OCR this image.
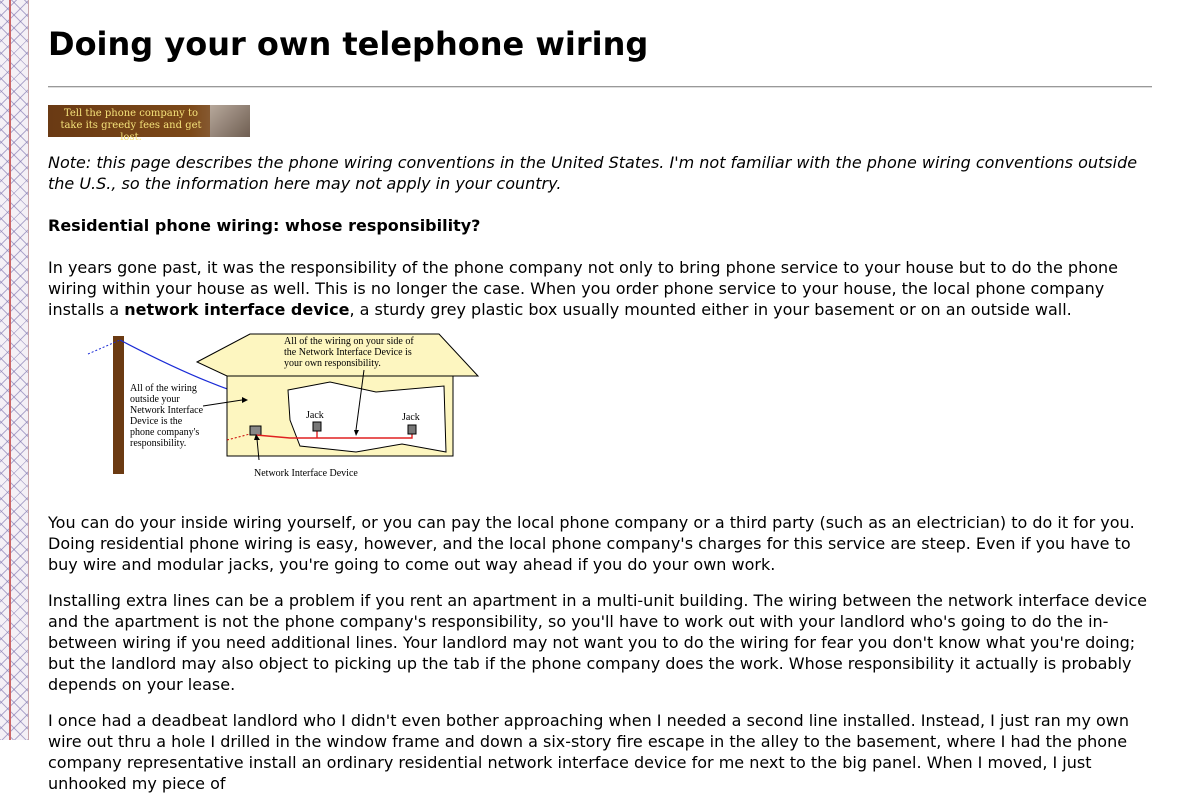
Doing your own telephone wiring
Tell the phone company to take its greedy fees and get lost.

Note: this page describes the phone wiring conventions in the United States. I'm not familiar with the phone wiring conventions outside the U.S., so the information here may not apply in your country.

Residential phone wiring: whose responsibility?

In years gone past, it was the responsibility of the phone company not only to bring phone service to your house but to do the phone wiring within your house as well. This is no longer the case. When you order phone service to your house, the local phone company installs a network interface device, a sturdy grey plastic box usually mounted either in your basement or on an outside wall.

All of the wiring on your side of
the Network Interface Device is
your own responsibility.
All of the wiring
outside your
Network Interface
Device is the
phone company's
responsibility.
Jack	Jack
Network Interface Device

You can do your inside wiring yourself, or you can pay the local phone company or a third party (such as an electrician) to do it for you. Doing residential phone wiring is easy, however, and the local phone company's charges for this service are steep. Even if you have to buy wire and modular jacks, you're going to come out way ahead if you do your own work.

Installing extra lines can be a problem if you rent an apartment in a multi-unit building. The wiring between the network interface device and the apartment is not the phone company's responsibility, so you'll have to work out with your landlord who's going to do the in-between wiring if you need additional lines. Your landlord may not want you to do the wiring for fear you don't know what you're doing; but the landlord may also object to picking up the tab if the phone company does the work. Whose responsibility it actually is probably depends on your lease.

I once had a deadbeat landlord who I didn't even bother approaching when I needed a second line installed. Instead, I just ran my own wire out thru a hole I drilled in the window frame and down a six-story fire escape in the alley to the basement, where I had the phone company representative install an ordinary residential network interface device for me next to the big panel. When I moved, I just unhooked my piece of
